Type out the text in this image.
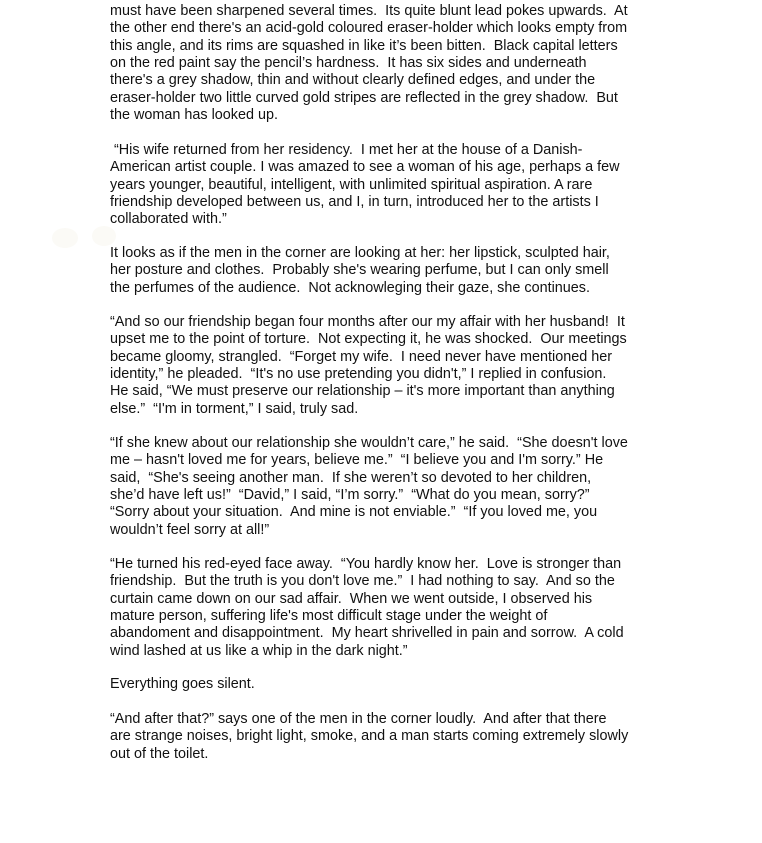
must have been sharpened several times.  Its quite blunt lead pokes upwards.  At
the other end there's an acid-gold coloured eraser-holder which looks empty from
this angle, and its rims are squashed in like it’s been bitten.  Black capital letters
on the red paint say the pencil’s hardness.  It has six sides and underneath
there's a grey shadow, thin and without clearly defined edges, and under the
eraser-holder two little curved gold stripes are reflected in the grey shadow.  But
the woman has looked up.

“His wife returned from her residency.  I met her at the house of a Danish-
American artist couple. I was amazed to see a woman of his age, perhaps a few
years younger, beautiful, intelligent, with unlimited spiritual aspiration. A rare
friendship developed between us, and I, in turn, introduced her to the artists I
collaborated with.”

It looks as if the men in the corner are looking at her: her lipstick, sculpted hair,
her posture and clothes.  Probably she's wearing perfume, but I can only smell
the perfumes of the audience.  Not acknowleging their gaze, she continues.

“And so our friendship began four months after our my affair with her husband!  It
upset me to the point of torture.  Not expecting it, he was shocked.  Our meetings
became gloomy, strangled.  “Forget my wife.  I need never have mentioned her
identity,” he pleaded.  “It's no use pretending you didn't,” I replied in confusion.
He said, “We must preserve our relationship – it's more important than anything
else.”  “I'm in torment,” I said, truly sad.

“If she knew about our relationship she wouldn’t care,” he said.  “She doesn't love
me – hasn't loved me for years, believe me.”  “I believe you and I'm sorry.” He
said,  “She's seeing another man.  If she weren’t so devoted to her children,
she’d have left us!”  “David,” I said, “I’m sorry.”  “What do you mean, sorry?”
“Sorry about your situation.  And mine is not enviable.”  “If you loved me, you
wouldn’t feel sorry at all!”

“He turned his red-eyed face away.  “You hardly know her.  Love is stronger than
friendship.  But the truth is you don't love me.”  I had nothing to say.  And so the
curtain came down on our sad affair.  When we went outside, I observed his
mature person, suffering life's most difficult stage under the weight of
abandoment and disappointment.  My heart shrivelled in pain and sorrow.  A cold
wind lashed at us like a whip in the dark night.”

Everything goes silent.

“And after that?” says one of the men in the corner loudly.  And after that there
are strange noises, bright light, smoke, and a man starts coming extremely slowly
out of the toilet.
